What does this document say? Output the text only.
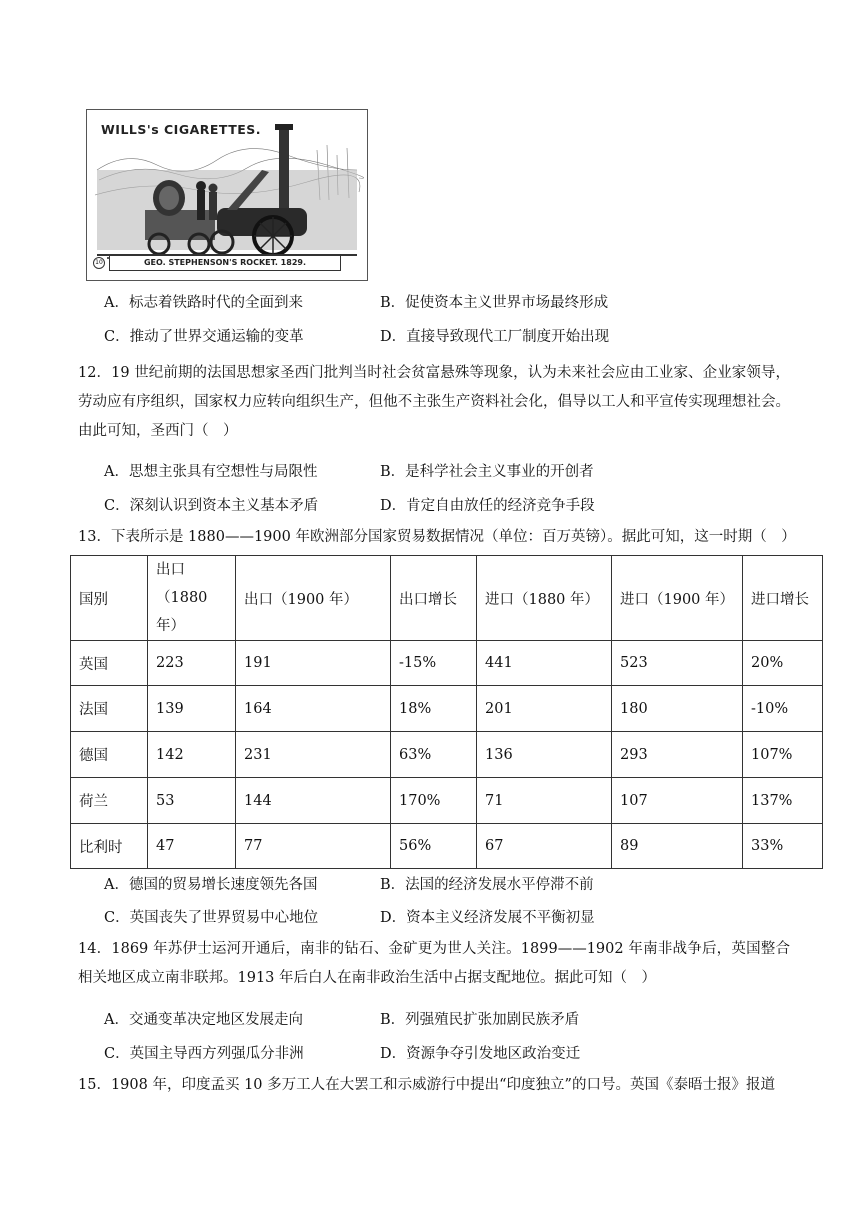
WILLS's CIGARETTES.
10	GEO. STEPHENSON'S ROCKET. 1829.
A．标志着铁路时代的全面到来	B．促使资本主义世界市场最终形成
C．推动了世界交通运输的变革	D．直接导致现代工厂制度开始出现
12．19 世纪前期的法国思想家圣西门批判当时社会贫富悬殊等现象，认为未来社会应由工业家、企业家领导，劳动应有序组织，国家权力应转向组织生产，但他不主张生产资料社会化，倡导以工人和平宣传实现理想社会。由此可知，圣西门（　）
A．思想主张具有空想性与局限性	B．是科学社会主义事业的开创者
C．深刻认识到资本主义基本矛盾	D．肯定自由放任的经济竞争手段
13．下表所示是 1880——1900 年欧洲部分国家贸易数据情况（单位：百万英镑）。据此可知，这一时期（　）
国别	出口（1880 年）	出口（1900 年）	出口增长	进口（1880 年）	进口（1900 年）	进口增长
英国	223	191	-15%	441	523	20%
法国	139	164	18%	201	180	-10%
德国	142	231	63%	136	293	107%
荷兰	53	144	170%	71	107	137%
比利时	47	77	56%	67	89	33%
A．德国的贸易增长速度领先各国	B．法国的经济发展水平停滞不前
C．英国丧失了世界贸易中心地位	D．资本主义经济发展不平衡初显
14．1869 年苏伊士运河开通后，南非的钻石、金矿更为世人关注。1899——1902 年南非战争后，英国整合相关地区成立南非联邦。1913 年后白人在南非政治生活中占据支配地位。据此可知（　）
A．交通变革决定地区发展走向	B．列强殖民扩张加剧民族矛盾
C．英国主导西方列强瓜分非洲	D．资源争夺引发地区政治变迁
15．1908 年，印度孟买 10 多万工人在大罢工和示威游行中提出“印度独立”的口号。英国《泰晤士报》报道
